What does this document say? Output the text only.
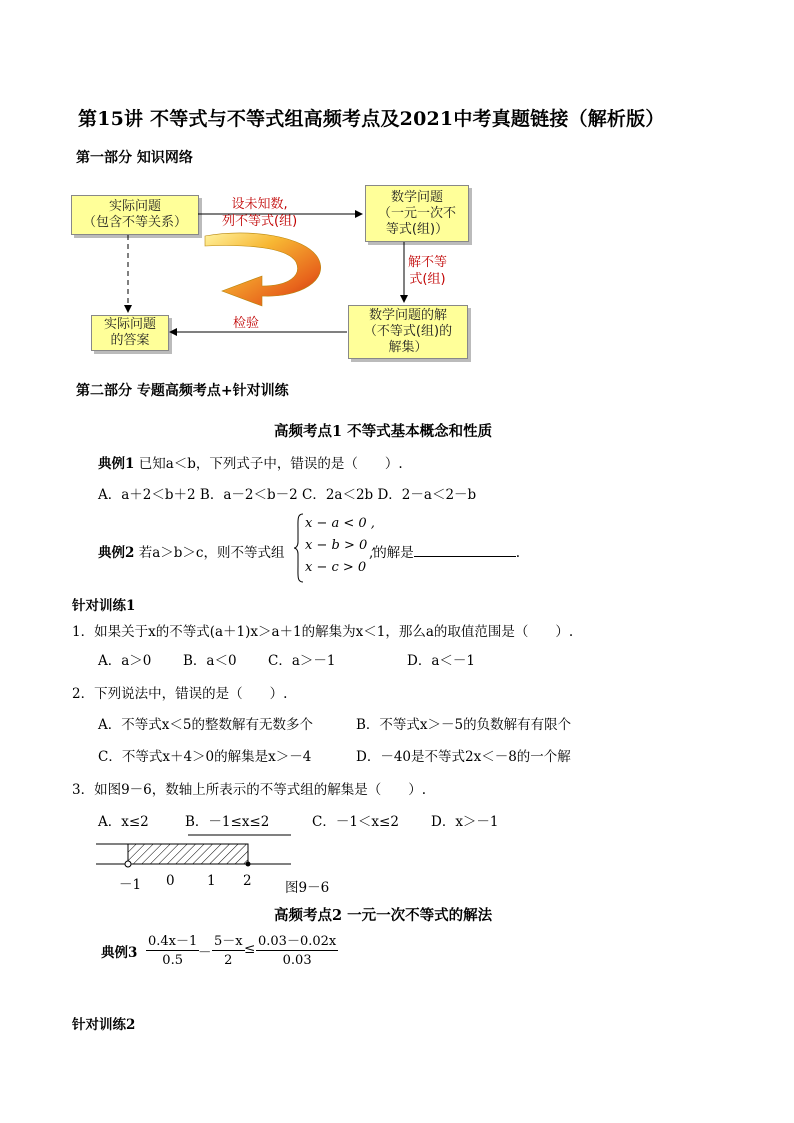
第15讲 不等式与不等式组高频考点及2021中考真题链接（解析版）
第一部分 知识网络
实际问题
（包含不等关系）
数学问题
（一元一次不
等式(组)）
数学问题的解
（不等式(组)的
解集）
实际问题
的答案
设未知数,
列不等式(组)
解不等
式(组)
检验
第二部分 专题高频考点+针对训练
高频考点1 不等式基本概念和性质
典例1 已知a＜b，下列式子中，错误的是（　　）.
A．a＋2＜b＋2 B．a－2＜b－2 C．2a＜2b D．2－a＜2－b
典例2 若a＞b＞c，则不等式组
x − a < 0 ,
x − b > 0 ,
x − c > 0
,的解是	.
针对训练1
1．如果关于x的不等式(a＋1)x＞a＋1的解集为x＜1，那么a的取值范围是（　　）.
A．a＞0 B．a＜0 C．a＞－1	D．a＜－1
2．下列说法中，错误的是（　　）.
A．不等式x＜5的整数解有无数多个	B．不等式x＞－5的负数解有有限个
C．不等式x＋4＞0的解集是x＞－4	D．－40是不等式2x＜－8的一个解
3．如图9－6，数轴上所表示的不等式组的解集是（　　）.
A．x≤2	B．－1≤x≤2	C．－1＜x≤2 D．x＞－1
－1 0 1 2 图9－6
高频考点2 一元一次不等式的解法
典例$3 \frac{0.4x-1}{0.5}$
－ $\frac{5-x}{2} \le \frac{0.03-0.02x}{0.03}$
针对训练2
